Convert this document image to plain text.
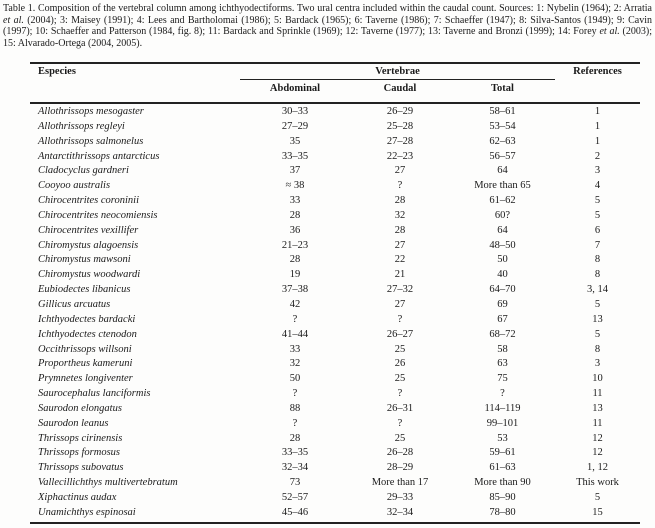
Table 1. Composition of the vertebral column among ichthyodectiforms. Two ural centra included within the caudal count. Sources: 1: Nybelin (1964); 2: Arratia et al. (2004); 3: Maisey (1991); 4: Lees and Bartholomai (1986); 5: Bardack (1965); 6: Taverne (1986); 7: Schaeffer (1947); 8: Silva-Santos (1949); 9: Cavin (1997); 10: Schaeffer and Patterson (1984, fig. 8); 11: Bardack and Sprinkle (1969); 12: Taverne (1977); 13: Taverne and Bronzi (1999); 14: Forey et al. (2003); 15: Alvarado-Ortega (2004, 2005).
Especies	Vertebrae	References
Abdominal	Caudal	Total
Allothrissops mesogaster	30–33	26–29	58–61	1
Allothrissops regleyi	27–29	25–28	53–54	1
Allothrissops salmonelus	35	27–28	62–63	1
Antarctithrissops antarcticus	33–35	22–23	56–57	2
Cladocyclus gardneri	37	27	64	3
Cooyoo australis	≈ 38	?	More than 65	4
Chirocentrites coroninii	33	28	61–62	5
Chirocentrites neocomiensis	28	32	60?	5
Chirocentrites vexillifer	36	28	64	6
Chiromystus alagoensis	21–23	27	48–50	7
Chiromystus mawsoni	28	22	50	8
Chiromystus woodwardi	19	21	40	8
Eubiodectes libanicus	37–38	27–32	64–70	3, 14
Gillicus arcuatus	42	27	69	5
Ichthyodectes bardacki	?	?	67	13
Ichthyodectes ctenodon	41–44	26–27	68–72	5
Occithrissops willsoni	33	25	58	8
Proportheus kameruni	32	26	63	3
Prymnetes longiventer	50	25	75	10
Saurocephalus lanciformis	?	?	?	11
Saurodon elongatus	88	26–31	114–119	13
Saurodon leanus	?	?	99–101	11
Thrissops cirinensis	28	25	53	12
Thrissops formosus	33–35	26–28	59–61	12
Thrissops subovatus	32–34	28–29	61–63	1, 12
Vallecillichthys multivertebratum	73	More than 17	More than 90	This work
Xiphactinus audax	52–57	29–33	85–90	5
Unamichthys espinosai	45–46	32–34	78–80	15
